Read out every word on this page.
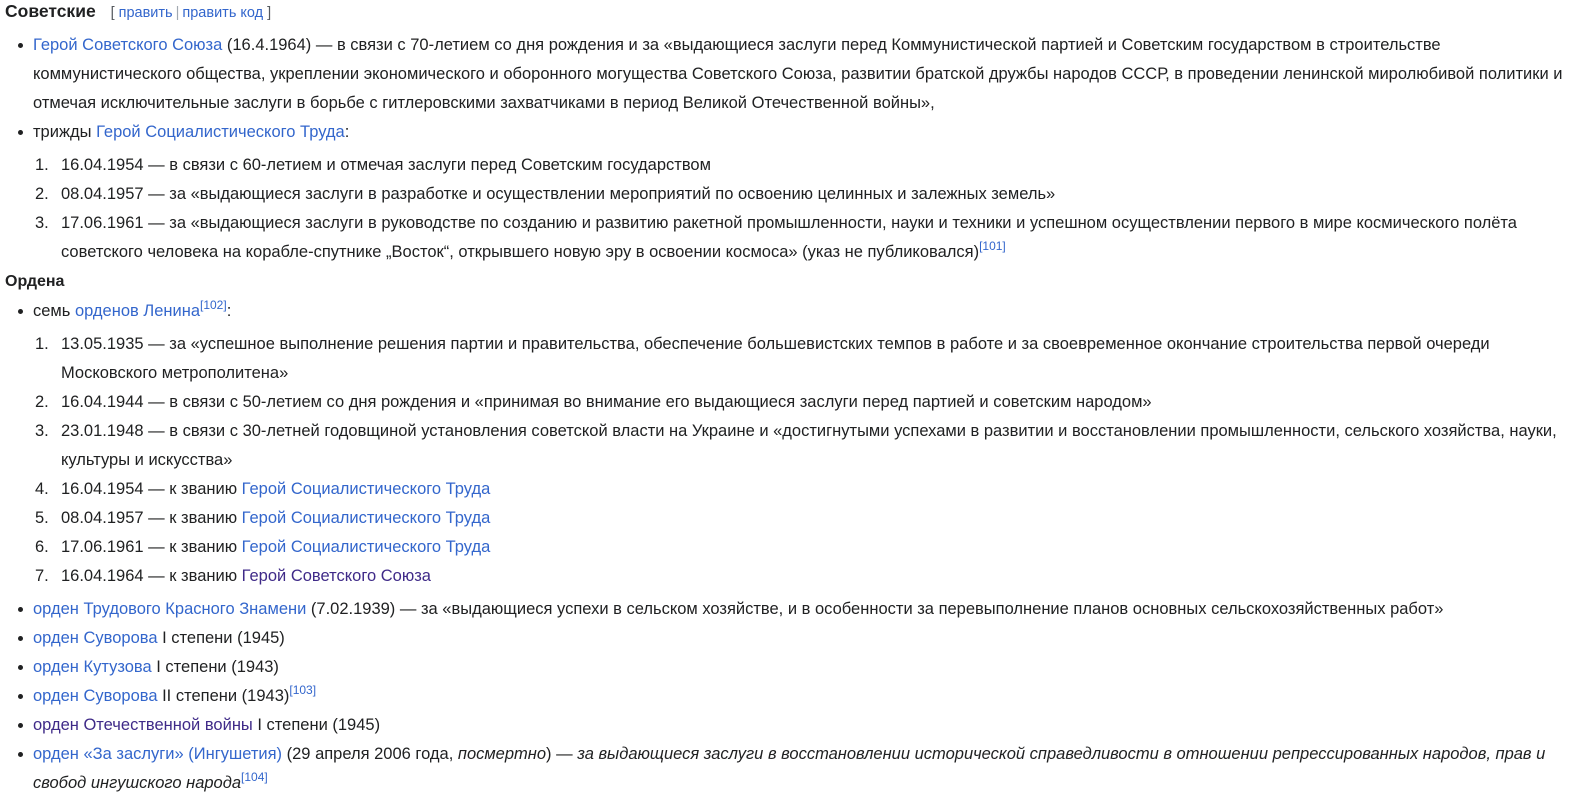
Советские [ править | править код ]
Герой Советского Союза (16.4.1964) — в связи с 70-летием со дня рождения и за «выдающиеся заслуги перед Коммунистической партией и Советским государством в строительстве коммунистического общества, укреплении экономического и оборонного могущества Советского Союза, развитии братской дружбы народов СССР, в проведении ленинской миролюбивой политики и отмечая исключительные заслуги в борьбе с гитлеровскими захватчиками в период Великой Отечественной войны»,
трижды Герой Социалистического Труда:
1. 16.04.1954 — в связи с 60-летием и отмечая заслуги перед Советским государством
2. 08.04.1957 — за «выдающиеся заслуги в разработке и осуществлении мероприятий по освоению целинных и залежных земель»
3. 17.06.1961 — за «выдающиеся заслуги в руководстве по созданию и развитию ракетной промышленности, науки и техники и успешном осуществлении первого в мире космического полёта советского человека на корабле-спутнике „Восток“, открывшего новую эру в освоении космоса» (указ не публиковался)[101]
Ордена
семь орденов Ленина[102]:
1. 13.05.1935 — за «успешное выполнение решения партии и правительства, обеспечение большевистских темпов в работе и за своевременное окончание строительства первой очереди Московского метрополитена»
2. 16.04.1944 — в связи с 50-летием со дня рождения и «принимая во внимание его выдающиеся заслуги перед партией и советским народом»
3. 23.01.1948 — в связи с 30-летней годовщиной установления советской власти на Украине и «достигнутыми успехами в развитии и восстановлении промышленности, сельского хозяйства, науки, культуры и искусства»
4. 16.04.1954 — к званию Герой Социалистического Труда
5. 08.04.1957 — к званию Герой Социалистического Труда
6. 17.06.1961 — к званию Герой Социалистического Труда
7. 16.04.1964 — к званию Герой Советского Союза
орден Трудового Красного Знамени (7.02.1939) — за «выдающиеся успехи в сельском хозяйстве, и в особенности за перевыполнение планов основных сельскохозяйственных работ»
орден Суворова I степени (1945)
орден Кутузова I степени (1943)
орден Суворова II степени (1943)[103]
орден Отечественной войны I степени (1945)
орден «За заслуги» (Ингушетия) (29 апреля 2006 года, посмертно) — за выдающиеся заслуги в восстановлении исторической справедливости в отношении репрессированных народов, прав и свобод ингушского народа[104]
